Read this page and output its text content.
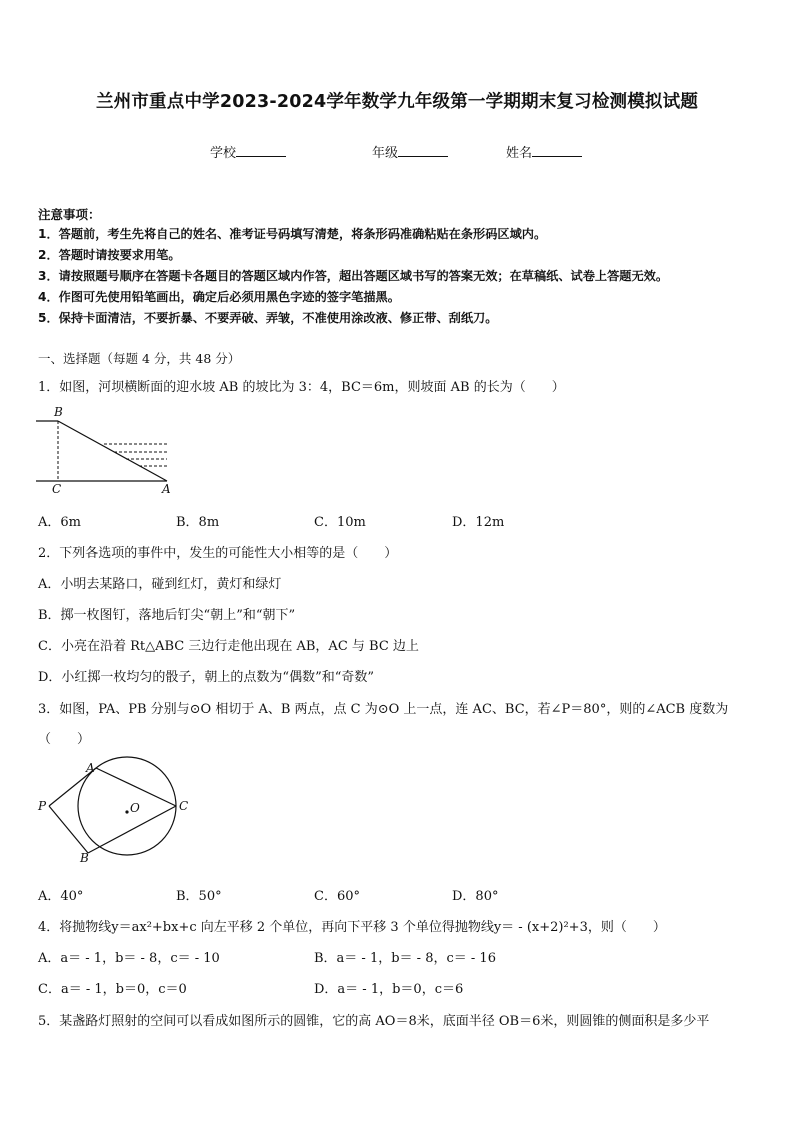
兰州市重点中学2023-2024学年数学九年级第一学期期末复习检测模拟试题
学校	年级	姓名
注意事项：
1．答题前，考生先将自己的姓名、准考证号码填写清楚，将条形码准确粘贴在条形码区域内。
2．答题时请按要求用笔。
3．请按照题号顺序在答题卡各题目的答题区域内作答，超出答题区域书写的答案无效；在草稿纸、试卷上答题无效。
4．作图可先使用铅笔画出，确定后必须用黑色字迹的签字笔描黑。
5．保持卡面清洁，不要折暴、不要弄破、弄皱，不准使用涂改液、修正带、刮纸刀。
一、选择题（每题 4 分，共 48 分）
1．如图，河坝横断面的迎水坡 AB 的坡比为 3：4，BC＝6m，则坡面 AB 的长为（　　）
B
C	A
A．6m	B．8m	C．10m	D．12m
2．下列各选项的事件中，发生的可能性大小相等的是（　　）
A．小明去某路口，碰到红灯，黄灯和绿灯
B．掷一枚图钉，落地后钉尖“朝上”和“朝下”
C．小亮在沿着 Rt△ABC 三边行走他出现在 AB，AC 与 BC 边上
D．小红掷一枚均匀的骰子，朝上的点数为“偶数”和“奇数”
3．如图，PA、PB 分别与⊙O 相切于 A、B 两点，点 C 为⊙O 上一点，连 AC、BC，若∠P＝80°，则的∠ACB 度数为
（　　）
A
P	O	C
B
A．40°	B．50°	C．60°	D．80°
4．将抛物线y＝ax²+bx+c 向左平移 2 个单位，再向下平移 3 个单位得抛物线y＝ - (x+2)²+3，则（　　）
A．a＝ - 1，b＝ - 8，c＝ - 10	B．a＝ - 1，b＝ - 8，c＝ - 16
C．a＝ - 1，b＝0，c＝0	D．a＝ - 1，b＝0，c＝6
5．某盏路灯照射的空间可以看成如图所示的圆锥，它的高 AO＝8米，底面半径 OB＝6米，则圆锥的侧面积是多少平
